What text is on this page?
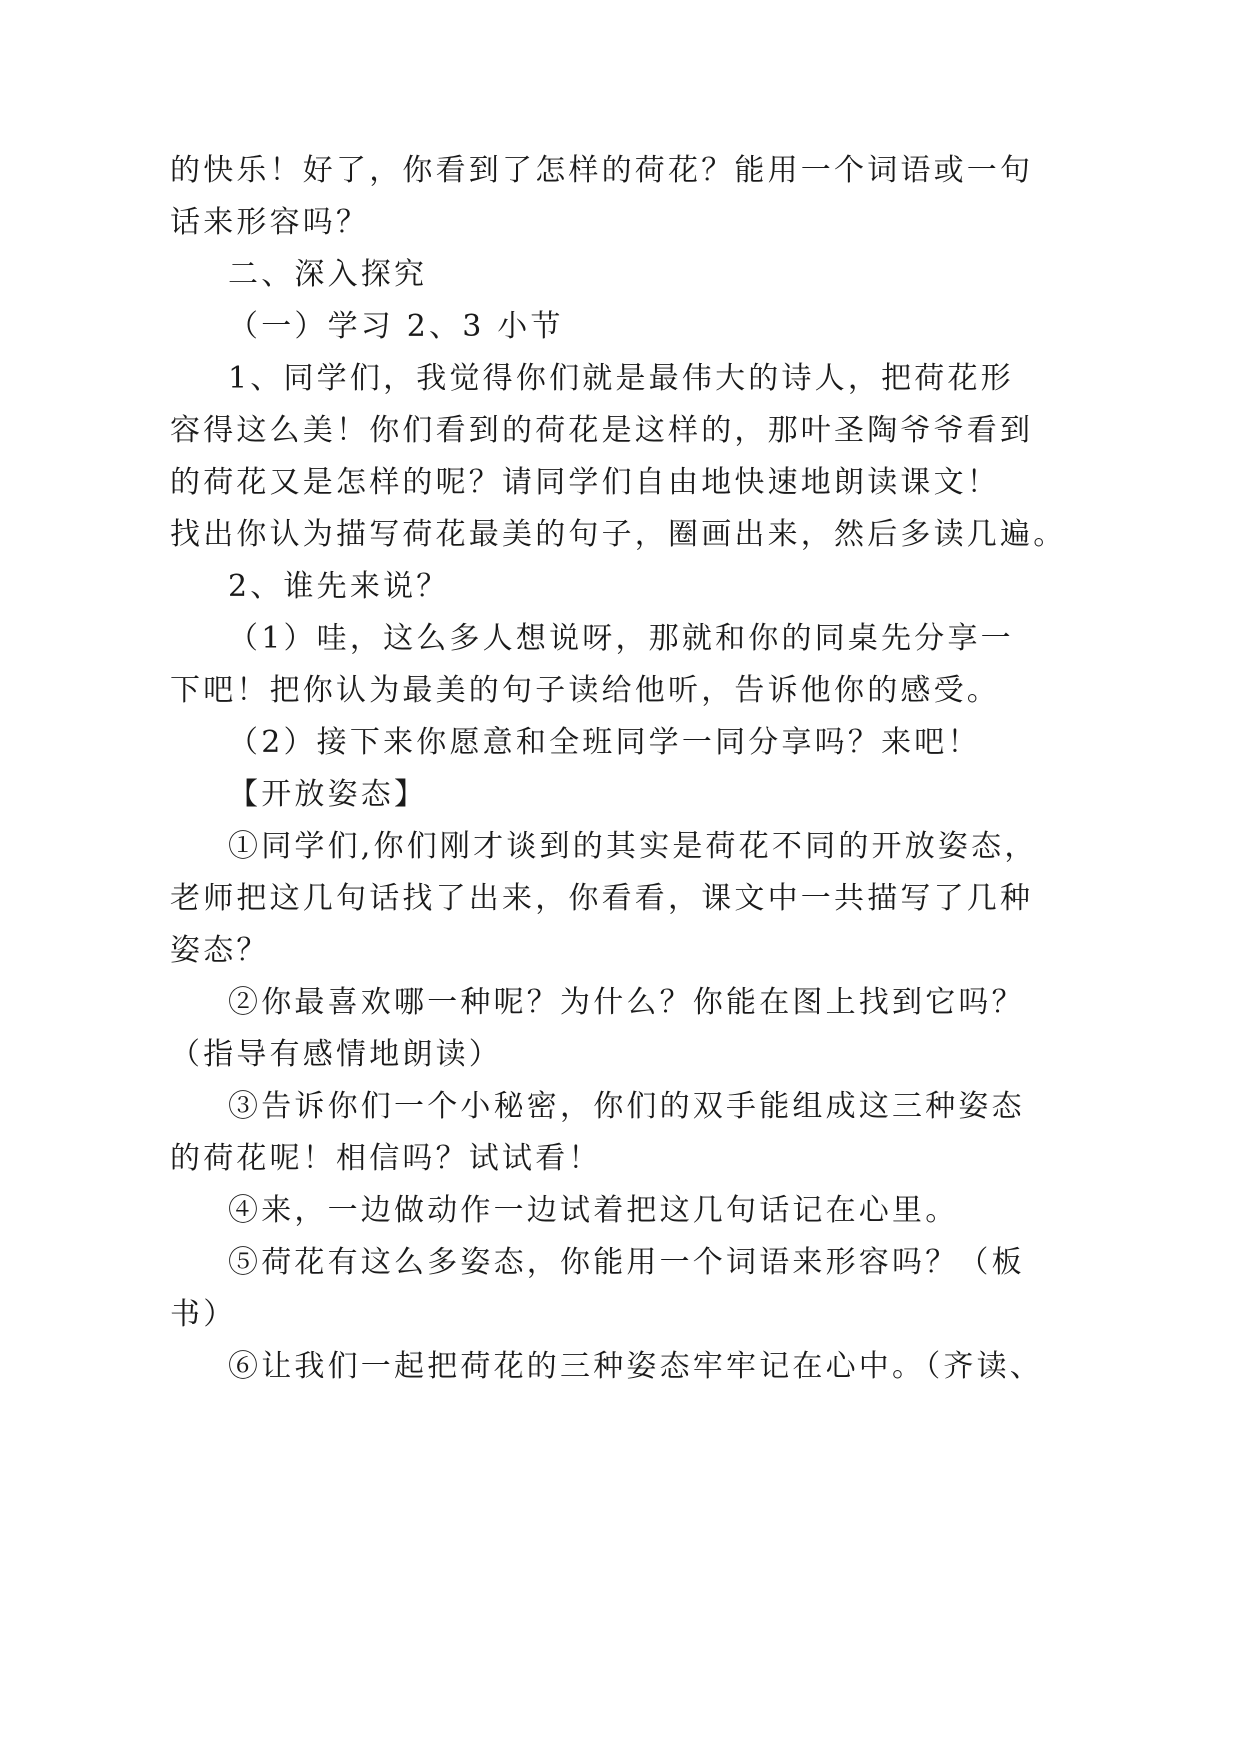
的快乐！好了，你看到了怎样的荷花？能用一个词语或一句
话来形容吗？
二、深入探究
（一）学习 2、3 小节
1、同学们，我觉得你们就是最伟大的诗人，把荷花形
容得这么美！你们看到的荷花是这样的，那叶圣陶爷爷看到
的荷花又是怎样的呢？请同学们自由地快速地朗读课文！
找出你认为描写荷花最美的句子，圈画出来，然后多读几遍。
2、谁先来说？
（1）哇，这么多人想说呀，那就和你的同桌先分享一
下吧！把你认为最美的句子读给他听，告诉他你的感受。
（2）接下来你愿意和全班同学一同分享吗？来吧！
【开放姿态】
①同学们,你们刚才谈到的其实是荷花不同的开放姿态，
老师把这几句话找了出来，你看看，课文中一共描写了几种
姿态？
②你最喜欢哪一种呢？为什么？你能在图上找到它吗？
（指导有感情地朗读）
③告诉你们一个小秘密，你们的双手能组成这三种姿态
的荷花呢！相信吗？试试看！
④来，一边做动作一边试着把这几句话记在心里。
⑤荷花有这么多姿态，你能用一个词语来形容吗？（板
书）
⑥让我们一起把荷花的三种姿态牢牢记在心中。（齐读、
